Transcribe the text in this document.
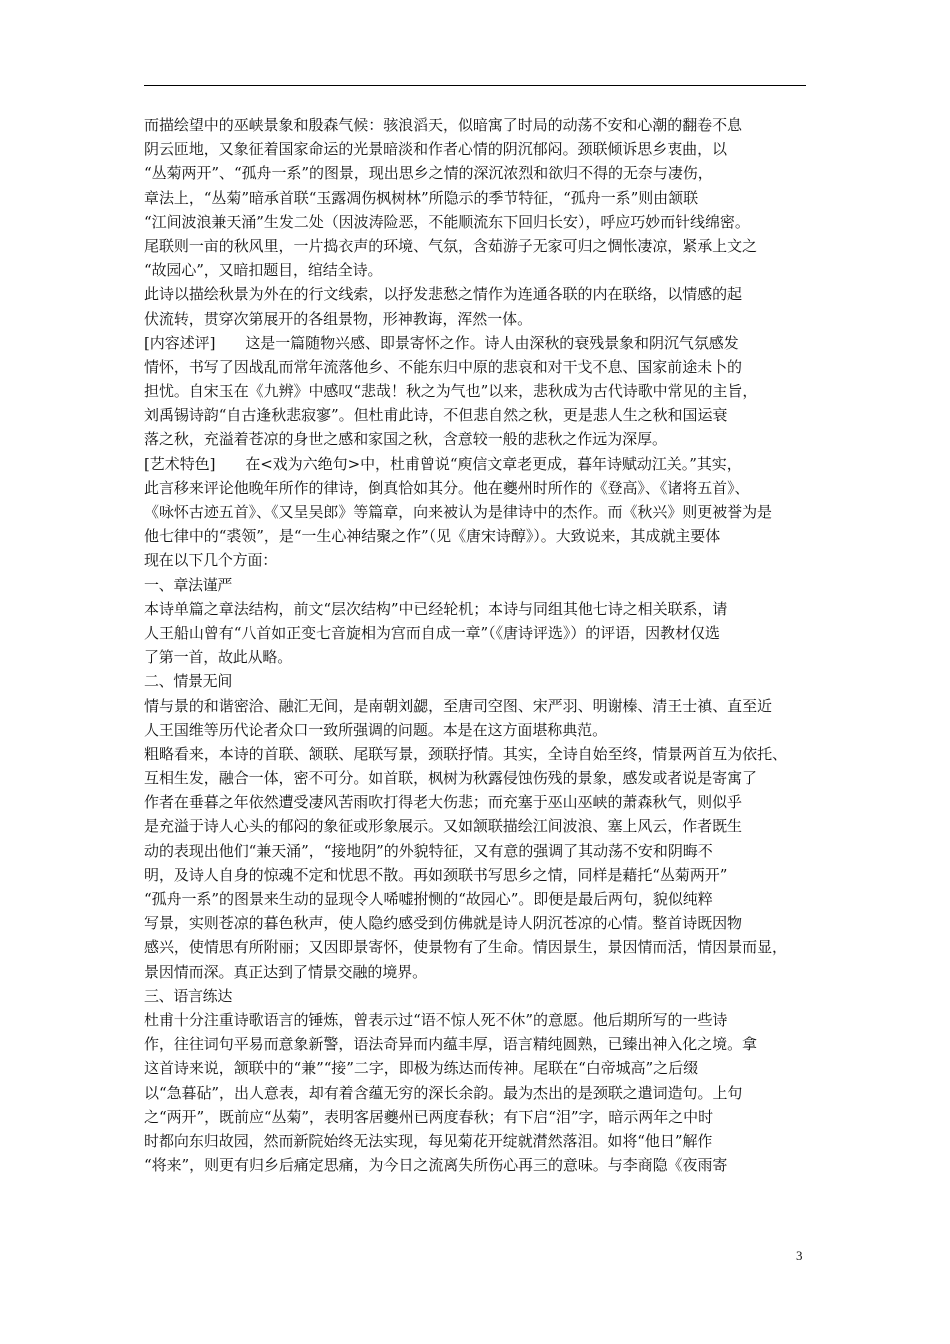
而描绘望中的巫峡景象和殷森气候：骇浪滔天，似暗寓了时局的动荡不安和心潮的翻卷不息
阴云匝地，又象征着国家命运的光景暗淡和作者心情的阴沉郁闷。颈联倾诉思乡衷曲，以
“丛菊两开”、“孤舟一系”的图景，现出思乡之情的深沉浓烈和欲归不得的无奈与凄伤，
章法上，“丛菊”暗承首联“玉露凋伤枫树林”所隐示的季节特征，“孤舟一系”则由颔联
“江间波浪兼天涌”生发二处（因波涛险恶，不能顺流东下回归长安），呼应巧妙而针线绵密。
尾联则一亩的秋风里，一片捣衣声的环境、气氛，含茹游子无家可归之惆怅凄凉，紧承上文之
“故园心”，又暗扣题目，绾结全诗。
此诗以描绘秋景为外在的行文线索，以抒发悲愁之情作为连通各联的内在联络，以情感的起
伏流转，贯穿次第展开的各组景物，形神教诲，浑然一体。
[内容述评]　　这是一篇随物兴感、即景寄怀之作。诗人由深秋的衰残景象和阴沉气氛感发
情怀，书写了因战乱而常年流落他乡、不能东归中原的悲哀和对干戈不息、国家前途未卜的
担忧。自宋玉在《九辨》中感叹“悲哉！秋之为气也”以来，悲秋成为古代诗歌中常见的主旨，
刘禹锡诗韵“自古逢秋悲寂寥”。但杜甫此诗，不但悲自然之秋，更是悲人生之秋和国运衰
落之秋，充溢着苍凉的身世之感和家国之秋，含意较一般的悲秋之作远为深厚。
[艺术特色]　　在<戏为六绝句>中，杜甫曾说“庾信文章老更成，暮年诗赋动江关。”其实，
此言移来评论他晚年所作的律诗，倒真恰如其分。他在夔州时所作的《登高》、《诸将五首》、
《咏怀古迹五首》、《又呈吴郎》等篇章，向来被认为是律诗中的杰作。而《秋兴》则更被誉为是
他七律中的“裘领”，是“一生心神结聚之作”（见《唐宋诗醇》）。大致说来，其成就主要体
现在以下几个方面：
一、章法谨严
本诗单篇之章法结构，前文“层次结构”中已经轮机；本诗与同组其他七诗之相关联系，请
人王船山曾有“八首如正变七音旋相为宫而自成一章”（《唐诗评选》）的评语，因教材仅选
了第一首，故此从略。
二、情景无间
情与景的和谐密洽、融汇无间，是南朝刘勰，至唐司空图、宋严羽、明谢榛、清王士禛、直至近
人王国维等历代论者众口一致所强调的问题。本是在这方面堪称典范。
粗略看来，本诗的首联、颔联、尾联写景，颈联抒情。其实，全诗自始至终，情景两首互为依托、
互相生发，融合一体，密不可分。如首联，枫树为秋露侵蚀伤残的景象，感发或者说是寄寓了
作者在垂暮之年依然遭受凄风苦雨吹打得老大伤悲；而充塞于巫山巫峡的萧森秋气，则似乎
是充溢于诗人心头的郁闷的象征或形象展示。又如颔联描绘江间波浪、塞上风云，作者既生
动的表现出他们“兼天涌”，“接地阴”的外貌特征，又有意的强调了其动荡不安和阴晦不
明，及诗人自身的惊魂不定和忧思不散。再如颈联书写思乡之情，同样是藉托“丛菊两开”
“孤舟一系”的图景来生动的显现令人唏嘘拊恻的“故园心”。即便是最后两句，貌似纯粹
写景，实则苍凉的暮色秋声，使人隐约感受到仿佛就是诗人阴沉苍凉的心情。整首诗既因物
感兴，使情思有所附丽；又因即景寄怀，使景物有了生命。情因景生，景因情而活，情因景而显，
景因情而深。真正达到了情景交融的境界。
三、语言练达
杜甫十分注重诗歌语言的锤炼，曾表示过“语不惊人死不休”的意愿。他后期所写的一些诗
作，往往词句平易而意象新警，语法奇异而内蕴丰厚，语言精纯圆熟，已臻出神入化之境。拿
这首诗来说，颔联中的“兼”“接”二字，即极为练达而传神。尾联在“白帝城高”之后缀
以“急暮砧”，出人意表，却有着含蕴无穷的深长余韵。最为杰出的是颈联之遣词造句。上句
之“两开”，既前应“丛菊”，表明客居夔州已两度春秋；有下启“泪”字，暗示两年之中时
时都向东归故园，然而新院始终无法实现，每见菊花开绽就潸然落泪。如将“他日”解作
“将来”，则更有归乡后痛定思痛，为今日之流离失所伤心再三的意味。与李商隐《夜雨寄
3
